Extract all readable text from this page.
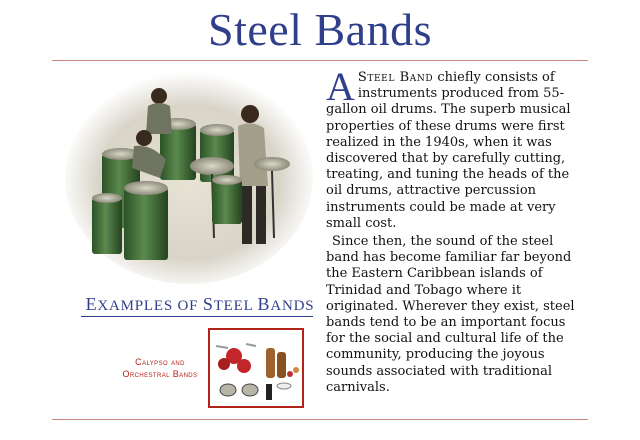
Steel Bands
EXAMPLES OF STEEL BANDS
Calypso and
Orchestral Bands

A Steel Band chiefly consists of instruments produced from 55-gallon oil drums. The superb musical properties of these drums were first realized in the 1940s, when it was discovered that by carefully cutting, treating, and tuning the heads of the oil drums, attractive percussion instruments could be made at very small cost.

Since then, the sound of the steel band has become familiar far beyond the Eastern Caribbean islands of Trinidad and Tobago where it originated. Wherever they exist, steel bands tend to be an important focus for the social and cultural life of the community, producing the joyous sounds associated with traditional carnivals.
